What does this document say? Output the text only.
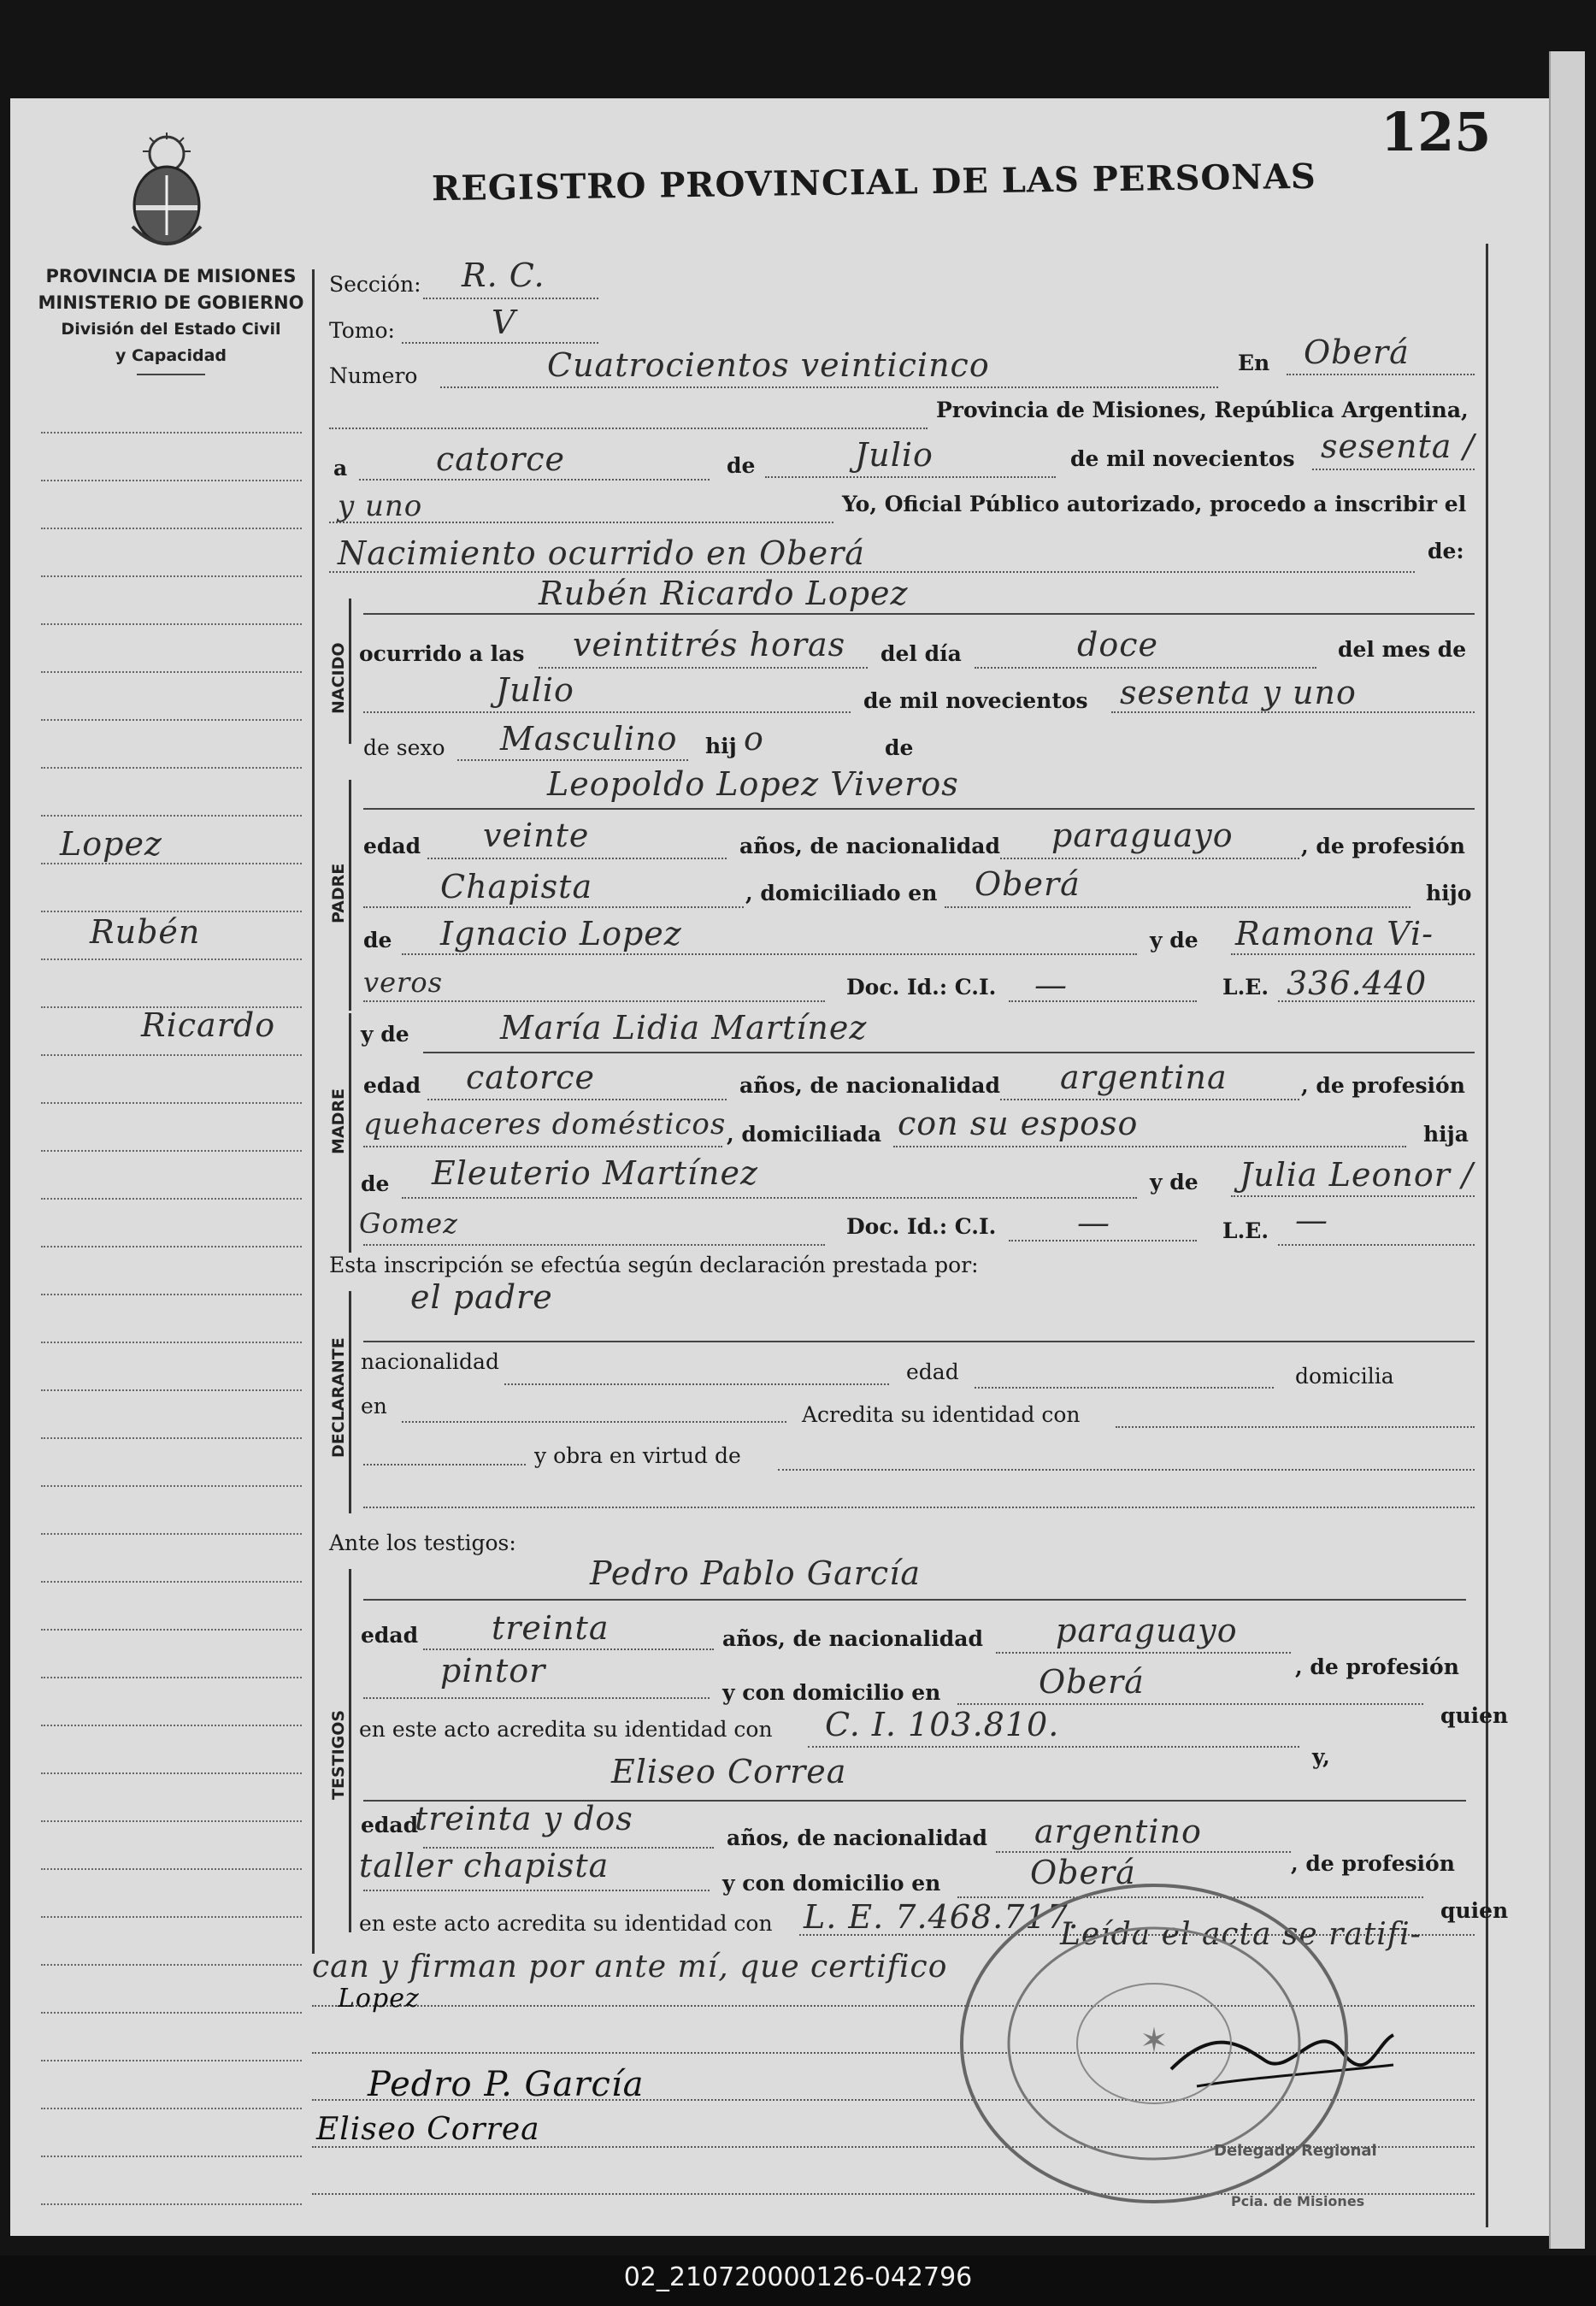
125
REGISTRO PROVINCIAL DE LAS PERSONAS
PROVINCIA DE MISIONES
MINISTERIO DE GOBIERNO
División del Estado Civil
y Capacidad
Lopez
Rubén
Ricardo
NACIDO
PADRE
MADRE
DECLARANTE
TESTIGOS
Sección: R. C.
Tomo:	V
Numero	Cuatrocientos veinticinco	En Oberá
Provincia de Misiones, República Argentina,
a	catorce	de	Julio	de mil novecientos sesenta /
y uno	Yo, Oficial Público autorizado, procedo a inscribir el
Nacimiento ocurrido en Oberá	de:
Rubén Ricardo Lopez
ocurrido a las veintitrés horas del día	doce	del mes de
Julio	de mil novecientos sesenta y uno
de sexo Masculino hij o	de
Leopoldo Lopez Viveros
edad veinte	años, de nacionalidad paraguayo	, de profesión
Chapista	, domiciliado en Oberá	hijo
de Ignacio Lopez	y de Ramona Vi-
veros	Doc. Id.: C.I. —	L.E. 336.440
y de	María Lidia Martínez
edad catorce	años, de nacionalidad argentina	, de profesión
quehaceres domésticos , domiciliada con su esposo	hija
de Eleuterio Martínez	y de Julia Leonor /
Gomez	Doc. Id.: C.I. —	L.E. —
Esta inscripción se efectúa según declaración prestada por:
el padre
nacionalidad	edad	domicilia
en	Acredita su identidad con
y obra en virtud de
Ante los testigos:
Pedro Pablo García
edad treinta	años, de nacionalidad paraguayo
, de profesión
pintor
y con domicilio en	Oberá
quien
en este acto acredita su identidad con C. I. 103.810.
y,
Eliseo Correa
edad
treinta y dos
años, de nacionalidad argentino
, de profesión
taller chapista	y con domicilio en	Oberá
quien
en este acto acredita su identidad con L. E. 7.468.717.
Leída el acta se ratifi-
can y firman por ante mí, que certifico
Lopez
Pedro P. García
Eliseo Correa
✶
Delegado Regional
Pcia. de Misiones
02_210720000126-042796
